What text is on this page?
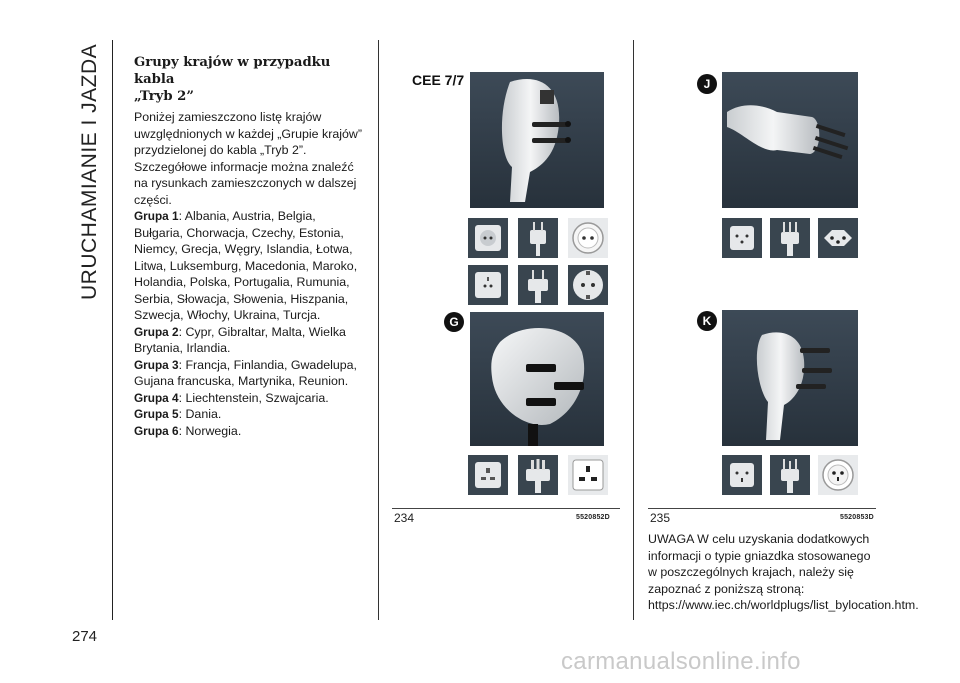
URUCHAMIANIE I JAZDA
274
Grupy krajów w przypadku kabla
„Tryb 2”

Poniżej zamieszczono listę krajów uwzględnionych w każdej „Grupie krajów” przydzielonej do kabla „Tryb 2”. Szczegółowe informacje można znaleźć na rysunkach zamieszczonych w dalszej części.

Grupa 1: Albania, Austria, Belgia, Bułgaria, Chorwacja, Czechy, Estonia, Niemcy, Grecja, Węgry, Islandia, Łotwa, Litwa, Luksemburg, Macedonia, Maroko, Holandia, Polska, Portugalia, Rumunia, Serbia, Słowacja, Słowenia, Hiszpania, Szwecja, Włochy, Ukraina, Turcja.

Grupa 2: Cypr, Gibraltar, Malta, Wielka Brytania, Irlandia.

Grupa 3: Francja, Finlandia, Gwadelupa, Gujana francuska, Martynika, Reunion.

Grupa 4: Liechtenstein, Szwajcaria.

Grupa 5: Dania.

Grupa 6: Norwegia.

CEE 7/7
G
234	5520852D
J
K
235	5520853D
UWAGA W celu uzyskania dodatkowych
informacji o typie gniazdka stosowanego
w poszczególnych krajach, należy się
zapoznać z poniższą stroną:
https://www.iec.ch/worldplugs/list_bylocation.htm.
carmanualsonline.info
